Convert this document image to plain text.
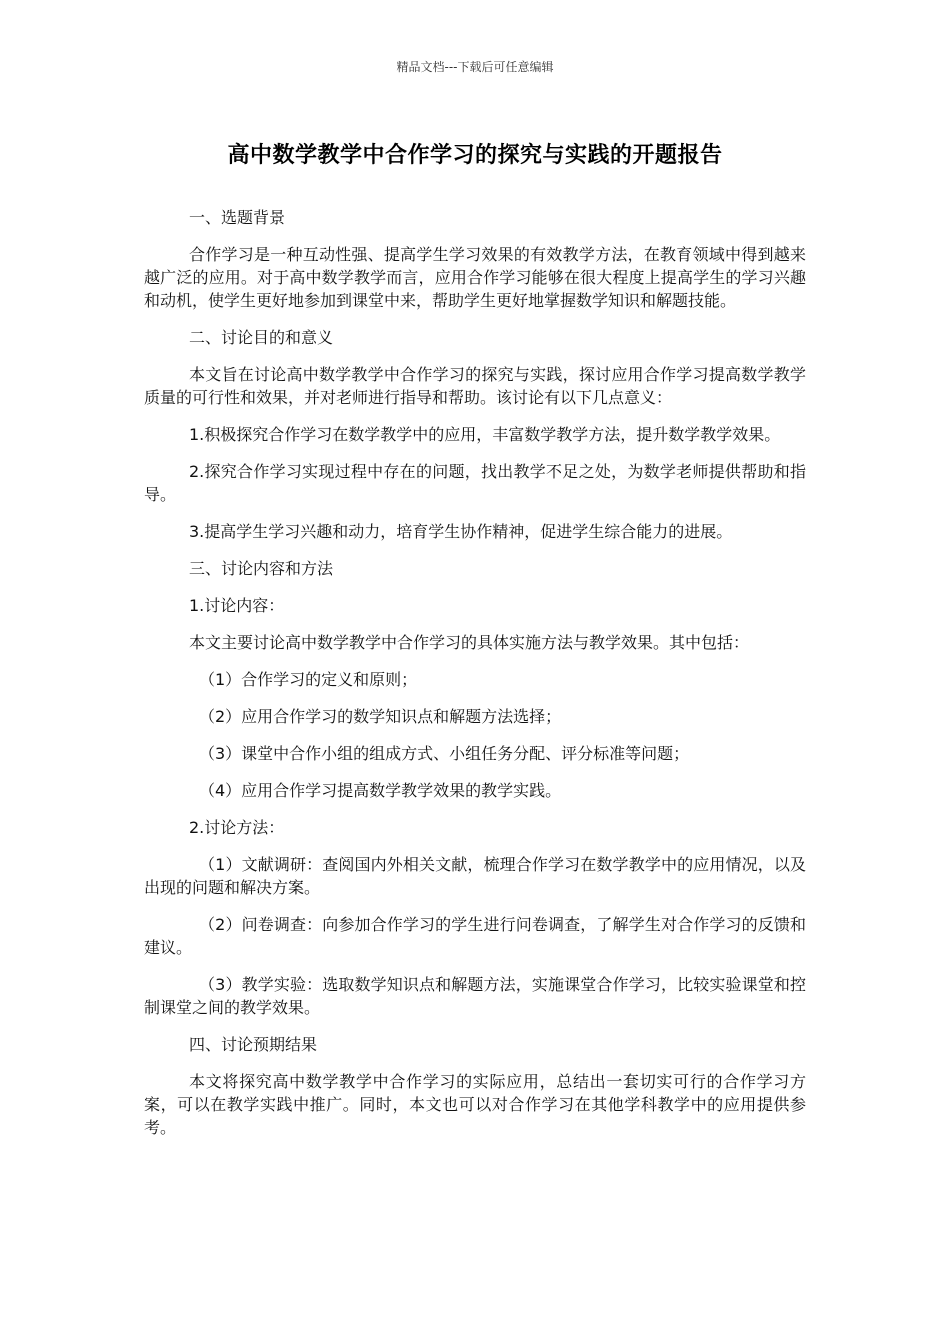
精品文档---下载后可任意编辑
高中数学教学中合作学习的探究与实践的开题报告

一、选题背景

合作学习是一种互动性强、提高学生学习效果的有效教学方法，在教育领域中得到越来越广泛的应用。对于高中数学教学而言，应用合作学习能够在很大程度上提高学生的学习兴趣和动机，使学生更好地参加到课堂中来，帮助学生更好地掌握数学知识和解题技能。

二、讨论目的和意义

本文旨在讨论高中数学教学中合作学习的探究与实践，探讨应用合作学习提高数学教学质量的可行性和效果，并对老师进行指导和帮助。该讨论有以下几点意义：

1.积极探究合作学习在数学教学中的应用，丰富数学教学方法，提升数学教学效果。

2.探究合作学习实现过程中存在的问题，找出教学不足之处，为数学老师提供帮助和指导。

3.提高学生学习兴趣和动力，培育学生协作精神，促进学生综合能力的进展。

三、讨论内容和方法

1.讨论内容：

本文主要讨论高中数学教学中合作学习的具体实施方法与教学效果。其中包括：

（1）合作学习的定义和原则；

（2）应用合作学习的数学知识点和解题方法选择；

（3）课堂中合作小组的组成方式、小组任务分配、评分标准等问题；

（4）应用合作学习提高数学教学效果的教学实践。

2.讨论方法：

（1）文献调研：查阅国内外相关文献，梳理合作学习在数学教学中的应用情况，以及出现的问题和解决方案。

（2）问卷调查：向参加合作学习的学生进行问卷调查，了解学生对合作学习的反馈和建议。

（3）教学实验：选取数学知识点和解题方法，实施课堂合作学习，比较实验课堂和控制课堂之间的教学效果。

四、讨论预期结果

本文将探究高中数学教学中合作学习的实际应用，总结出一套切实可行的合作学习方案，可以在教学实践中推广。同时，本文也可以对合作学习在其他学科教学中的应用提供参考。
